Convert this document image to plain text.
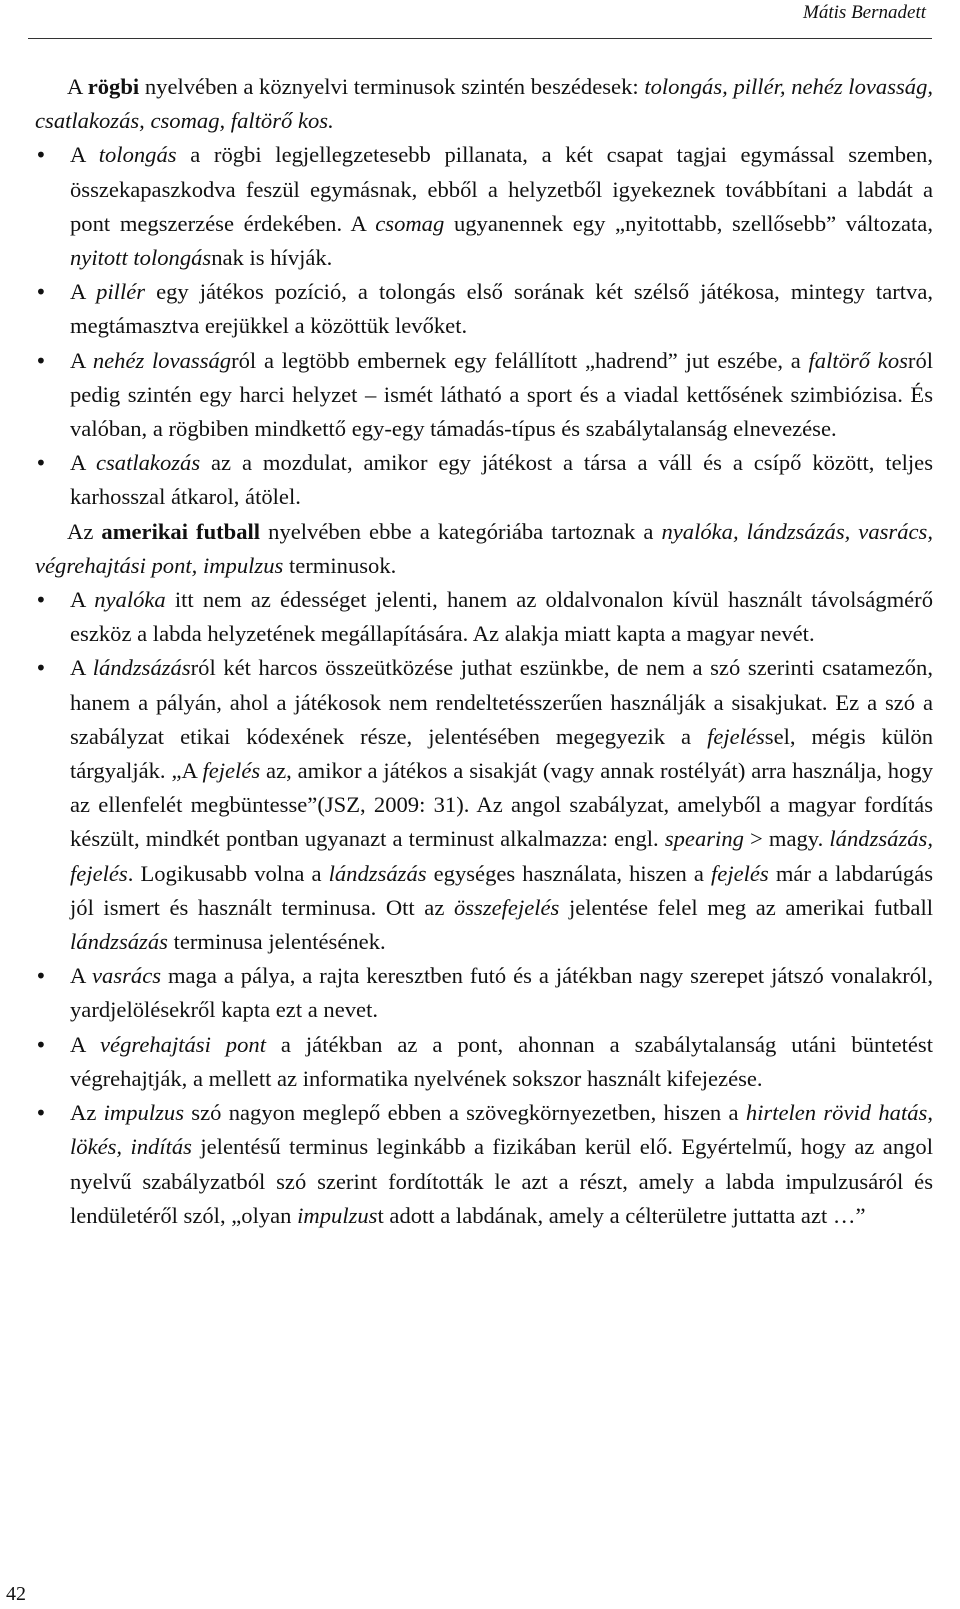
Mátis Bernadett

A rögbi nyelvében a köznyelvi terminusok szintén beszédesek: tolongás, pillér, nehéz lovasság, csatlakozás, csomag, faltörő kos.

• A tolongás a rögbi legjellegzetesebb pillanata, a két csapat tagjai egymással szemben, összekapaszkodva feszül egymásnak, ebből a helyzetből igyekeznek továbbítani a labdát a pont megszerzése érdekében. A csomag ugyanennek egy „nyitottabb, szellősebb” változata, nyitott tolongásnak is hívják.
• A pillér egy játékos pozíció, a tolongás első sorának két szélső játékosa, mintegy tartva, megtámasztva erejükkel a közöttük levőket.
• A nehéz lovasságról a legtöbb embernek egy felállított „hadrend” jut eszébe, a faltörő kosról pedig szintén egy harci helyzet – ismét látható a sport és a viadal kettősének szimbiózisa. És valóban, a rögbiben mindkettő egy-egy támadás-típus és szabálytalanság elnevezése.
• A csatlakozás az a mozdulat, amikor egy játékost a társa a váll és a csípő között, teljes karhosszal átkarol, átölel.

Az amerikai futball nyelvében ebbe a kategóriába tartoznak a nyalóka, lándzsázás, vasrács, végrehajtási pont, impulzus terminusok.

• A nyalóka itt nem az édességet jelenti, hanem az oldalvonalon kívül használt távolságmérő eszköz a labda helyzetének megállapítására. Az alakja miatt kapta a magyar nevét.
• A lándzsázásról két harcos összeütközése juthat eszünkbe, de nem a szó szerinti csatamezőn, hanem a pályán, ahol a játékosok nem rendeltetésszerűen használják a sisakjukat. Ez a szó a szabályzat etikai kódexének része, jelentésében megegyezik a fejeléssel, mégis külön tárgyalják. „A fejelés az, amikor a játékos a sisakját (vagy annak rostélyát) arra használja, hogy az ellenfelét megbüntesse”(JSZ, 2009: 31). Az angol szabályzat, amelyből a magyar fordítás készült, mindkét pontban ugyanazt a terminust alkalmazza: engl. spearing > magy. lándzsázás, fejelés. Logikusabb volna a lándzsázás egységes használata, hiszen a fejelés már a labdarúgás jól ismert és használt terminusa. Ott az összefejelés jelentése felel meg az amerikai futball lándzsázás terminusa jelentésének.
• A vasrács maga a pálya, a rajta keresztben futó és a játékban nagy szerepet játszó vonalakról, yardjelölésekről kapta ezt a nevet.
• A végrehajtási pont a játékban az a pont, ahonnan a szabálytalanság utáni büntetést végrehajtják, a mellett az informatika nyelvének sokszor használt kifejezése.
• Az impulzus szó nagyon meglepő ebben a szövegkörnyezetben, hiszen a hirtelen rövid hatás, lökés, indítás jelentésű terminus leginkább a fizikában kerül elő. Egyértelmű, hogy az angol nyelvű szabályzatból szó szerint fordították le azt a részt, amely a labda impulzusáról és lendületéről szól, „olyan impulzust adott a labdának, amely a célterületre juttatta azt …”
42
